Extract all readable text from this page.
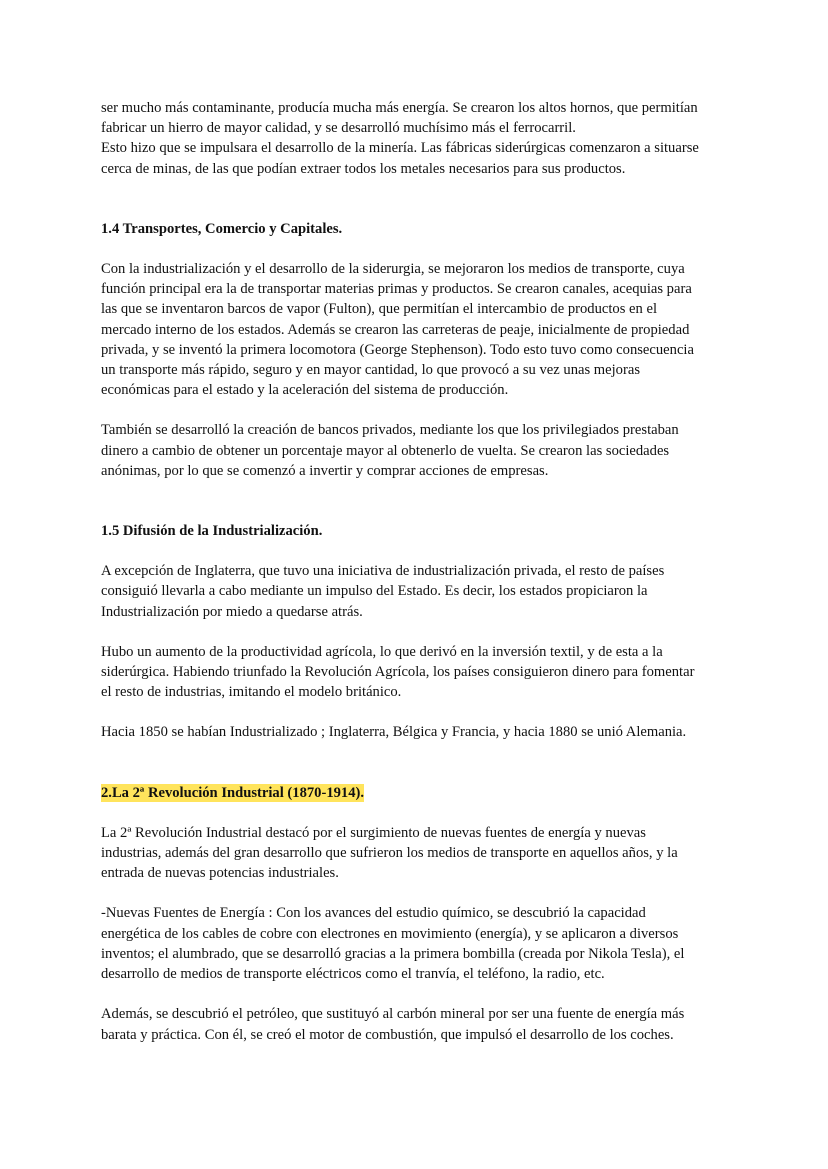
ser mucho más contaminante, producía mucha más energía. Se crearon los altos hornos, que permitían
fabricar un hierro de mayor calidad, y se desarrolló muchísimo más el ferrocarril.
Esto hizo que se impulsara el desarrollo de la minería. Las fábricas siderúrgicas comenzaron a situarse
cerca de minas, de las que podían extraer todos los metales necesarios para sus productos.

1.4 Transportes, Comercio y Capitales.

Con la industrialización y el desarrollo de la siderurgia, se mejoraron los medios de transporte, cuya
función principal era la de transportar materias primas y productos. Se crearon canales, acequias para
las que se inventaron barcos de vapor (Fulton), que permitían el intercambio de productos en el
mercado interno de los estados. Además se crearon las carreteras de peaje, inicialmente de propiedad
privada, y se inventó la primera locomotora (George Stephenson). Todo esto tuvo como consecuencia
un transporte más rápido, seguro y en mayor cantidad, lo que provocó a su vez unas mejoras
económicas para el estado y la aceleración del sistema de producción.

También se desarrolló la creación de bancos privados, mediante los que los privilegiados prestaban
dinero a cambio de obtener un porcentaje mayor al obtenerlo de vuelta. Se crearon las sociedades
anónimas, por lo que se comenzó a invertir y comprar acciones de empresas.

1.5 Difusión de la Industrialización.

A excepción de Inglaterra, que tuvo una iniciativa de industrialización privada, el resto de países
consiguió llevarla a cabo mediante un impulso del Estado. Es decir, los estados propiciaron la
Industrialización por miedo a quedarse atrás.

Hubo un aumento de la productividad agrícola, lo que derivó en la inversión textil, y de esta a la
siderúrgica. Habiendo triunfado la Revolución Agrícola, los países consiguieron dinero para fomentar
el resto de industrias, imitando el modelo británico.

Hacia 1850 se habían Industrializado ; Inglaterra, Bélgica y Francia, y hacia 1880 se unió Alemania.

2.La 2ª Revolución Industrial (1870-1914).

La 2ª Revolución Industrial destacó por el surgimiento de nuevas fuentes de energía y nuevas
industrias, además del gran desarrollo que sufrieron los medios de transporte en aquellos años, y la
entrada de nuevas potencias industriales.

-Nuevas Fuentes de Energía : Con los avances del estudio químico, se descubrió la capacidad
energética de los cables de cobre con electrones en movimiento (energía), y se aplicaron a diversos
inventos; el alumbrado, que se desarrolló gracias a la primera bombilla (creada por Nikola Tesla), el
desarrollo de medios de transporte eléctricos como el tranvía, el teléfono, la radio, etc.

Además, se descubrió el petróleo, que sustituyó al carbón mineral por ser una fuente de energía más
barata y práctica. Con él, se creó el motor de combustión, que impulsó el desarrollo de los coches.
